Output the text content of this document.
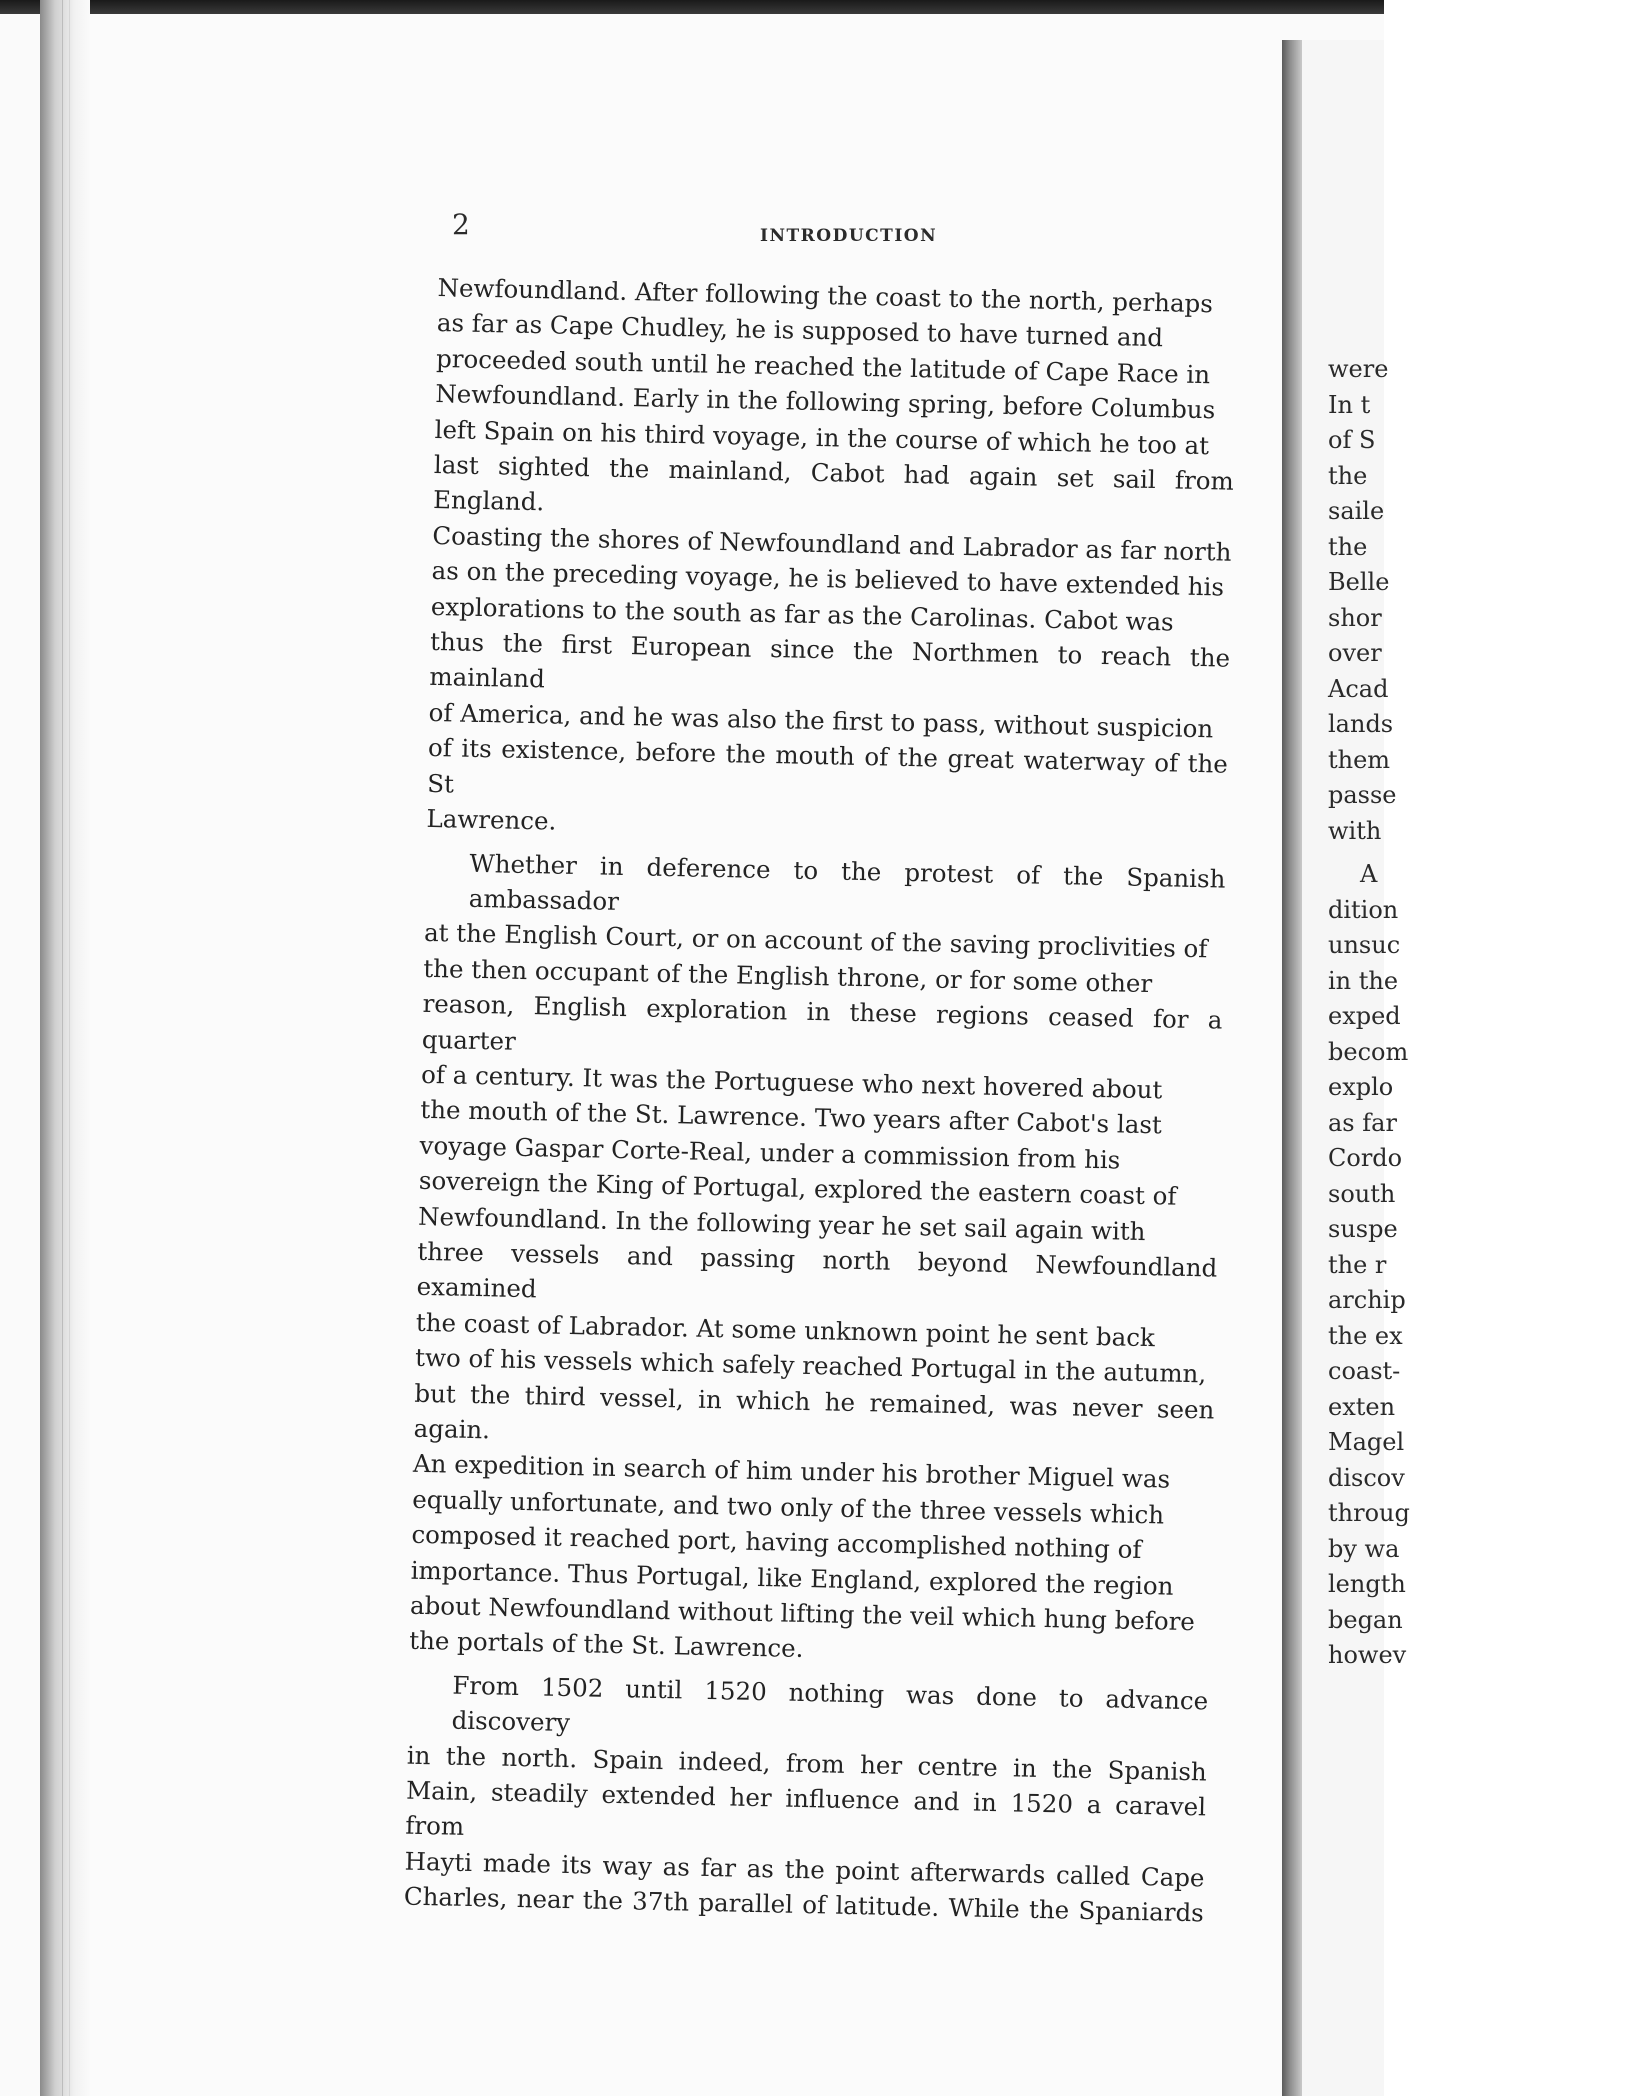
2	INTRODUCTION

Newfoundland. After following the coast to the north, perhaps
as far as Cape Chudley, he is supposed to have turned and
proceeded south until he reached the latitude of Cape Race in
Newfoundland. Early in the following spring, before Columbus
left Spain on his third voyage, in the course of which he too at
last sighted the mainland, Cabot had again set sail from England.
Coasting the shores of Newfoundland and Labrador as far north
as on the preceding voyage, he is believed to have extended his
explorations to the south as far as the Carolinas. Cabot was
thus the first European since the Northmen to reach the mainland
of America, and he was also the first to pass, without suspicion
of its existence, before the mouth of the great waterway of the St
Lawrence.

Whether in deference to the protest of the Spanish ambassador
at the English Court, or on account of the saving proclivities of
the then occupant of the English throne, or for some other
reason, English exploration in these regions ceased for a quarter
of a century. It was the Portuguese who next hovered about
the mouth of the St. Lawrence. Two years after Cabot's last
voyage Gaspar Corte-Real, under a commission from his
sovereign the King of Portugal, explored the eastern coast of
Newfoundland. In the following year he set sail again with
three vessels and passing north beyond Newfoundland examined
the coast of Labrador. At some unknown point he sent back
two of his vessels which safely reached Portugal in the autumn,
but the third vessel, in which he remained, was never seen again.
An expedition in search of him under his brother Miguel was
equally unfortunate, and two only of the three vessels which
composed it reached port, having accomplished nothing of
importance. Thus Portugal, like England, explored the region
about Newfoundland without lifting the veil which hung before
the portals of the St. Lawrence.

From 1502 until 1520 nothing was done to advance discovery
in the north. Spain indeed, from her centre in the Spanish
Main, steadily extended her influence and in 1520 a caravel from
Hayti made its way as far as the point afterwards called Cape
Charles, near the 37th parallel of latitude. While the Spaniards

were
In t
of S
the
saile
the
Belle
shor
over
Acad
lands
them
passe
with
A
dition
unsuc
in the
exped
becom
explo
as far
Cordo
south
suspe
the r
archip
the ex
coast-
exten
Magel
discov
throug
by wa
length
began
howev
